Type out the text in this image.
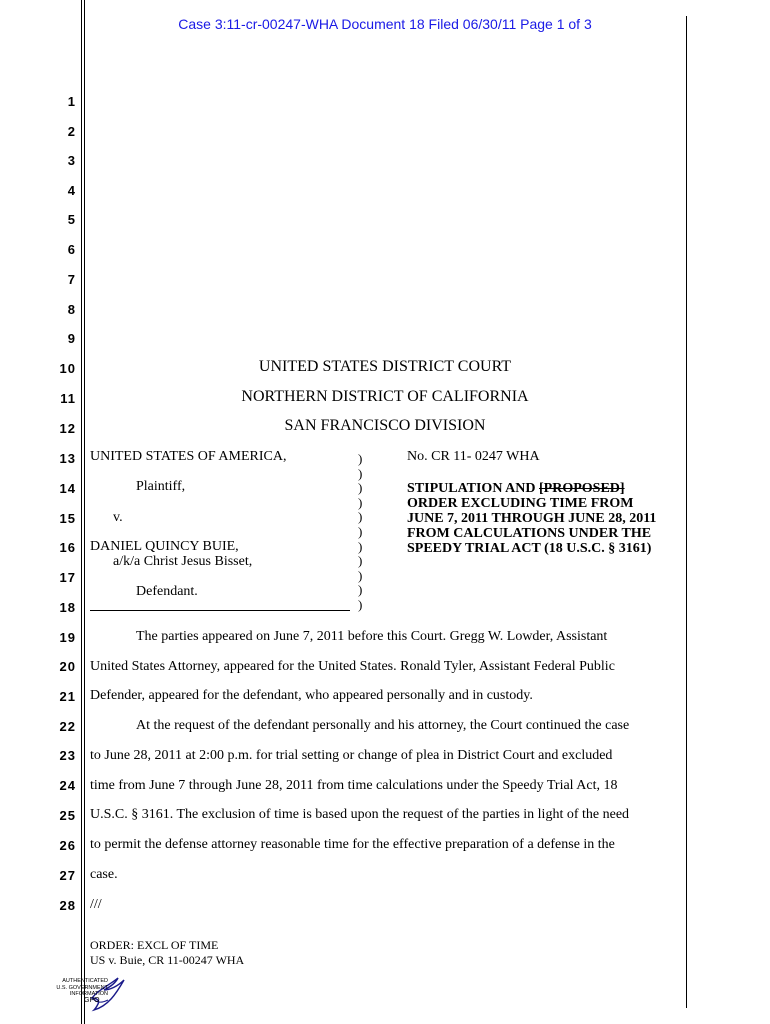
Case 3:11-cr-00247-WHA Document 18 Filed 06/30/11 Page 1 of 3
1
2
3
4
5
6
7
8
9
10
11
12
13
14
15
16
17
18
19
20
21
22
23
24
25
26
27
28
UNITED STATES DISTRICT COURT
NORTHERN DISTRICT OF CALIFORNIA
SAN FRANCISCO DIVISION
UNITED STATES OF AMERICA,
Plaintiff,
v.
DANIEL QUINCY BUIE,
a/k/a Christ Jesus Bisset,
Defendant.
)
)
)
)
)
)
)
)
)
)
)
No. CR 11- 0247 WHA
STIPULATION AND [PROPOSED]
ORDER EXCLUDING TIME FROM
JUNE 7, 2011 THROUGH JUNE 28, 2011
FROM CALCULATIONS UNDER THE
SPEEDY TRIAL ACT (18 U.S.C. § 3161)
The parties appeared on June 7, 2011 before this Court. Gregg W. Lowder, Assistant
United States Attorney, appeared for the United States. Ronald Tyler, Assistant Federal Public
Defender, appeared for the defendant, who appeared personally and in custody.
At the request of the defendant personally and his attorney, the Court continued the case
to June 28, 2011 at 2:00 p.m. for trial setting or change of plea in District Court and excluded
time from June 7 through June 28, 2011 from time calculations under the Speedy Trial Act, 18
U.S.C. § 3161. The exclusion of time is based upon the request of the parties in light of the need
to permit the defense attorney reasonable time for the effective preparation of a defense in the
case.
///
ORDER: EXCL OF TIME
US v. Buie, CR 11-00247 WHA
AUTHENTICATED
U.S. GOVERNMENT
INFORMATION
GPO
